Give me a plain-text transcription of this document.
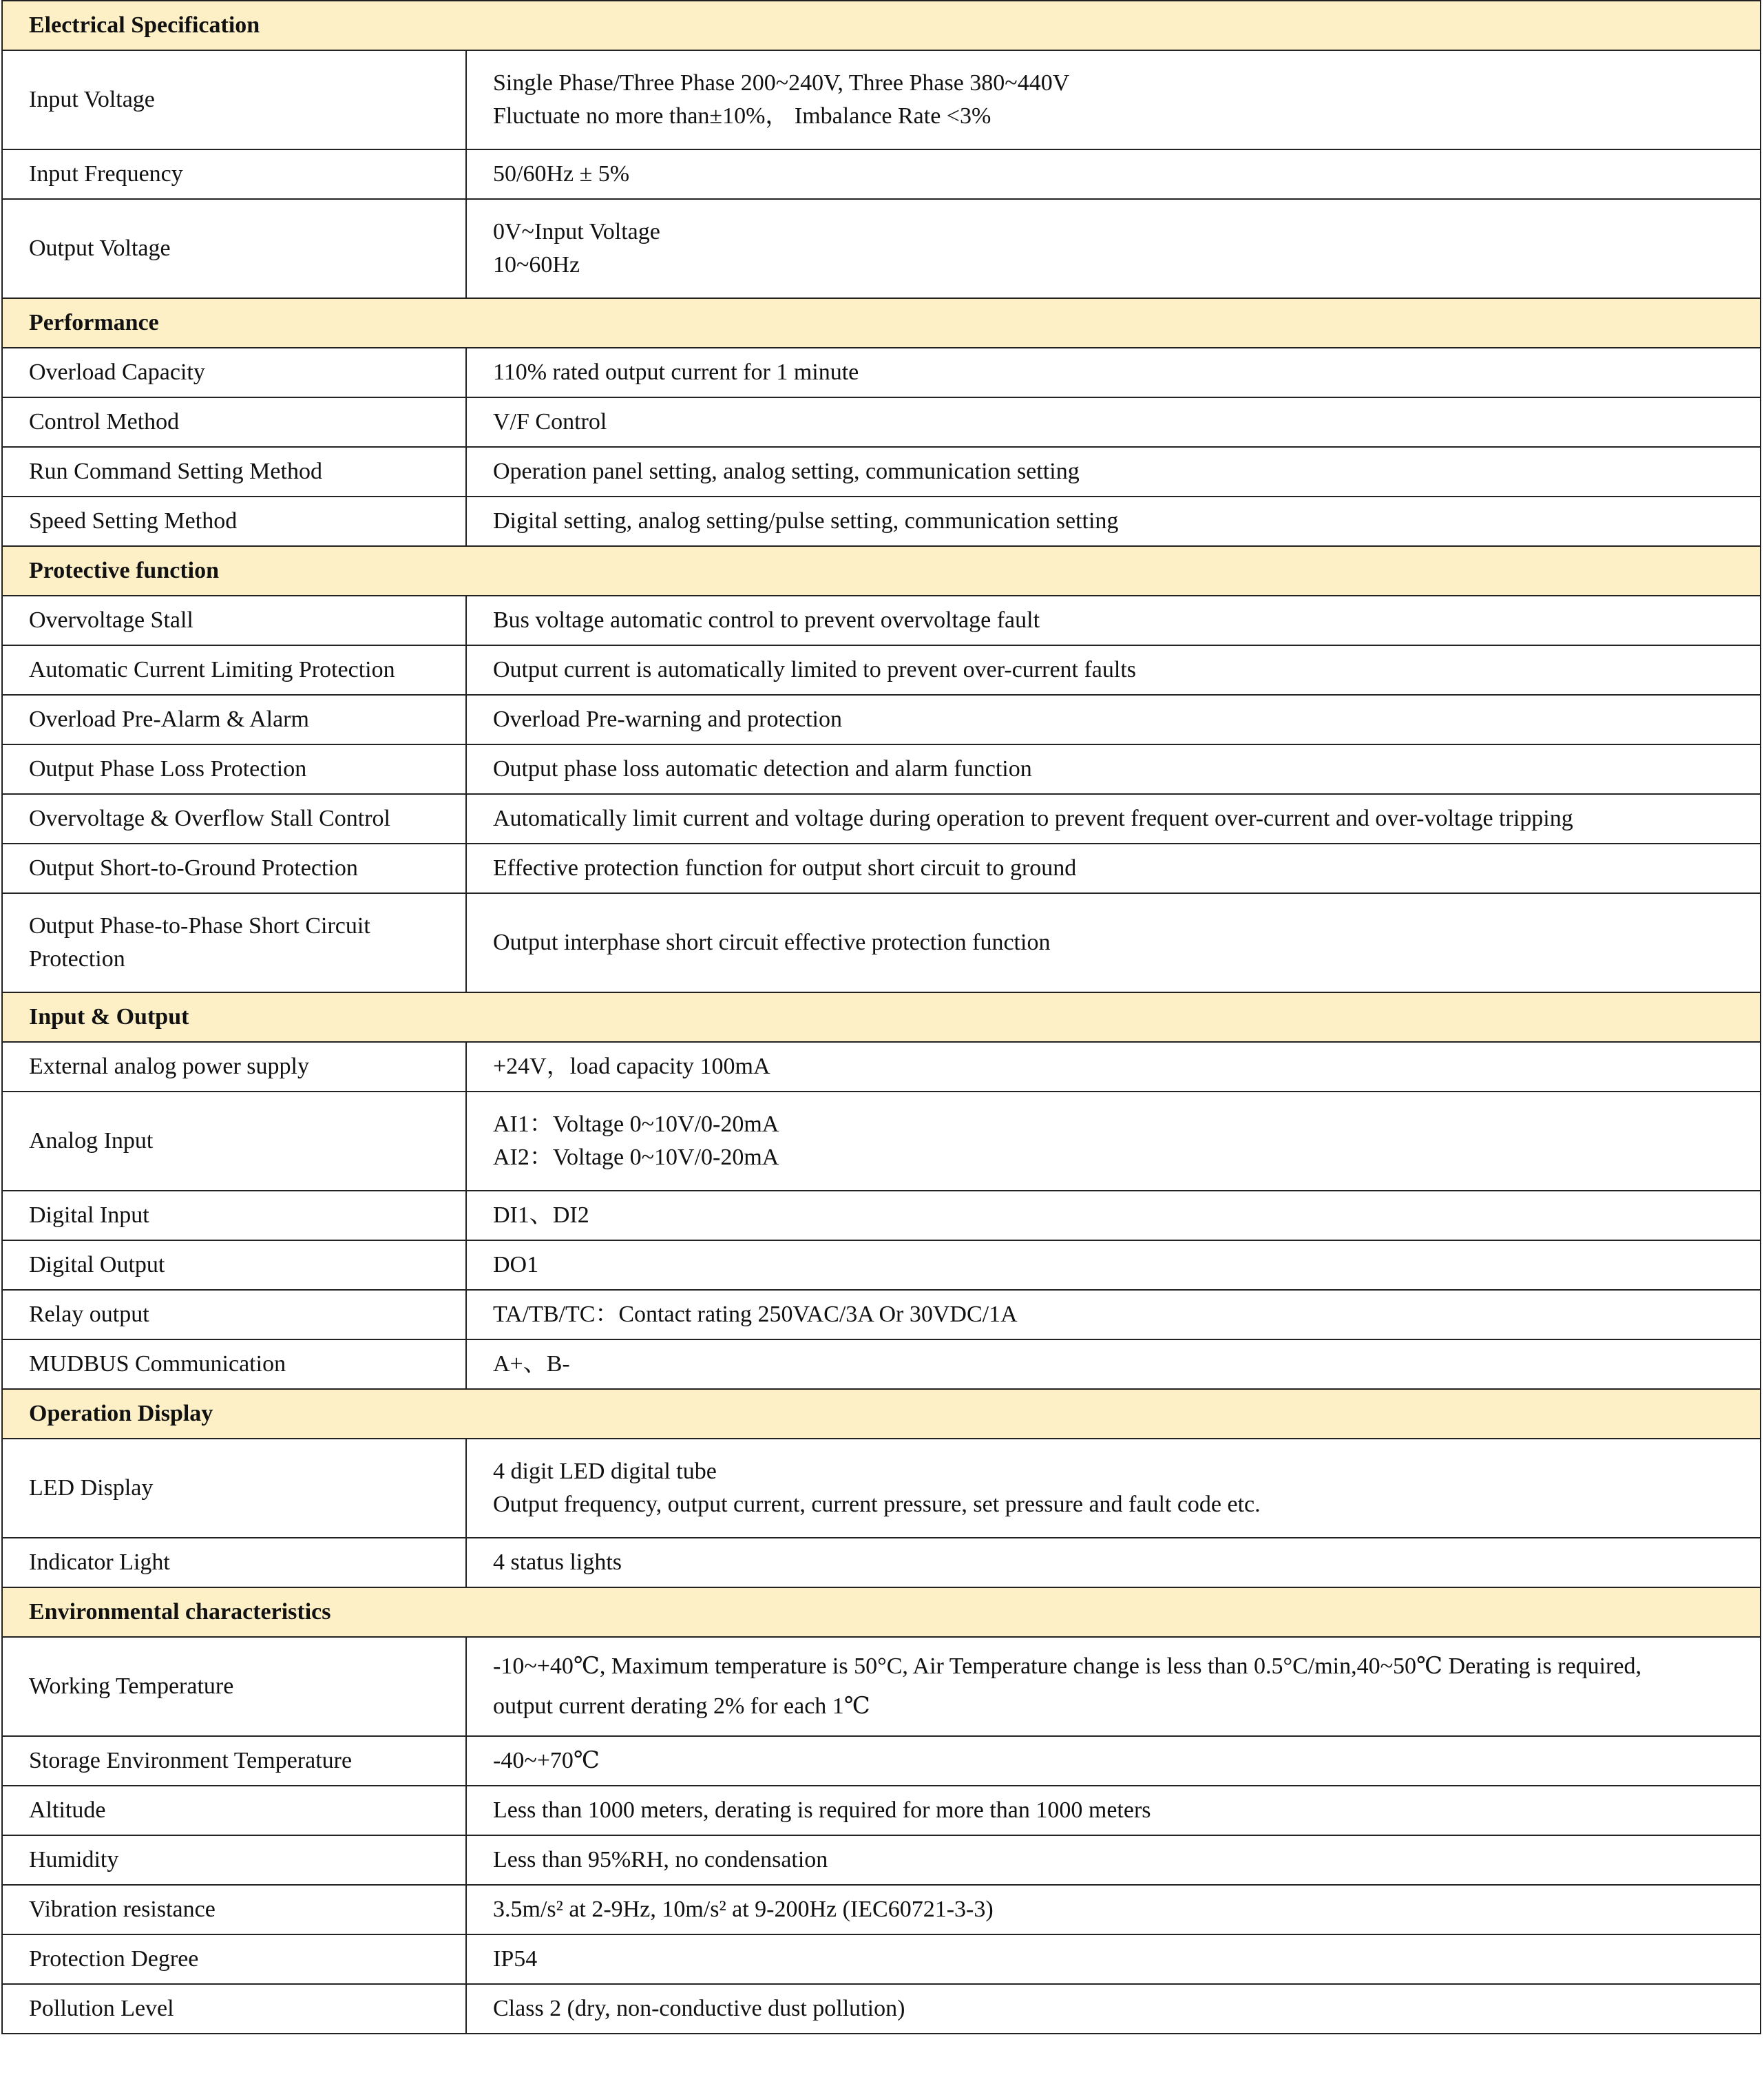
Electrical Specification	
Input Voltage	Single Phase/Three Phase 200~240V, Three Phase 380~440V
Fluctuate no more than±10%， Imbalance Rate <3%

Input Frequency	50/60Hz ± 5%

Output Voltage	0V~Input Voltage
10~60Hz

Performance	
Overload Capacity	110% rated output current for 1 minute

Control Method	V/F Control

Run Command Setting Method	Operation panel setting, analog setting, communication setting

Speed Setting Method	Digital setting, analog setting/pulse setting, communication setting

Protective function	
Overvoltage Stall	Bus voltage automatic control to prevent overvoltage fault

Automatic Current Limiting Protection	Output current is automatically limited to prevent over-current faults

Overload Pre-Alarm & Alarm	Overload Pre-warning and protection

Output Phase Loss Protection	Output phase loss automatic detection and alarm function

Overvoltage & Overflow Stall Control	Automatically limit current and voltage during operation to prevent frequent over-current and over-voltage tripping

Output Short-to-Ground Protection	Effective protection function for output short circuit to ground

Output Phase-to-Phase Short Circuit Protection	Output interphase short circuit effective protection function

Input & Output	
External analog power supply	+24V，load capacity 100mA

Analog Input	AI1：Voltage 0~10V/0-20mA
AI2：Voltage 0~10V/0-20mA

Digital Input	DI1、DI2

Digital Output	DO1

Relay output	TA/TB/TC：Contact rating 250VAC/3A Or 30VDC/1A

MUDBUS Communication	A+、B-

Operation Display	
LED Display	4 digit LED digital tube
Output frequency, output current, current pressure, set pressure and fault code etc.

Indicator Light	4 status lights

Environmental characteristics	
Working Temperature	-10~+40℃, Maximum temperature is 50°C, Air Temperature change is less than 0.5°C/min,40~50℃ Derating is required,
output current derating 2% for each 1℃

Storage Environment Temperature	-40~+70℃

Altitude	Less than 1000 meters, derating is required for more than 1000 meters

Humidity	Less than 95%RH, no condensation

Vibration resistance	3.5m/s² at 2-9Hz, 10m/s² at 9-200Hz (IEC60721-3-3)

Protection Degree	IP54

Pollution Level	Class 2 (dry, non-conductive dust pollution)
